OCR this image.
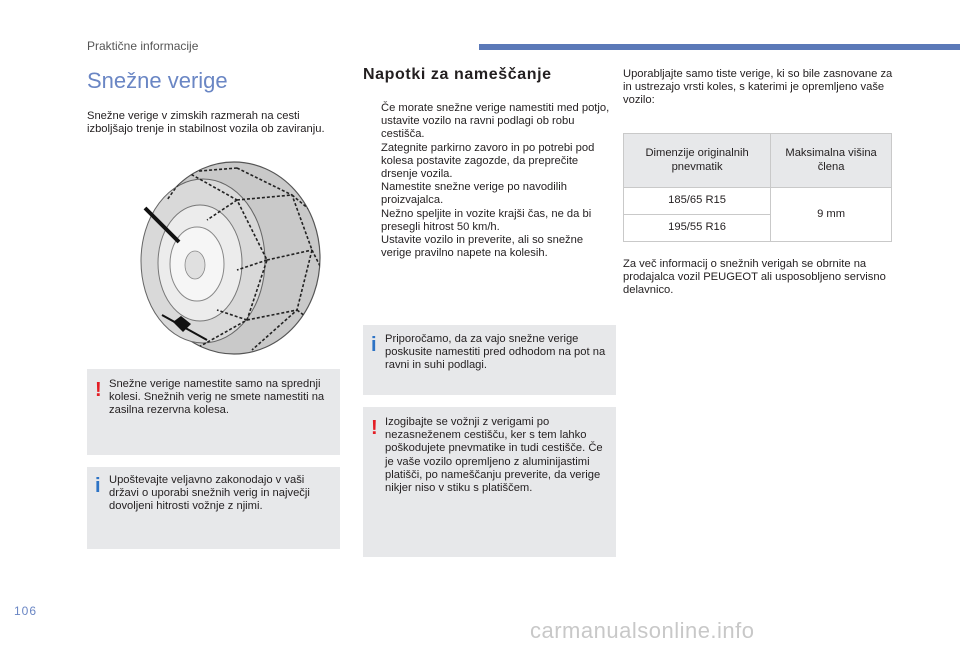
Praktične informacije
Snežne verige

Snežne verige v zimskih razmerah na cesti izboljšajo trenje in stabilnost vozila ob zaviranju.

! Snežne verige namestite samo na sprednji kolesi. Snežnih verig ne smete namestiti na zasilna rezervna kolesa.

i Upoštevajte veljavno zakonodajo v vaši državi o uporabi snežnih verig in največji dovoljeni hitrosti vožnje z njimi.

Napotki za nameščanje
Če morate snežne verige namestiti med potjo, ustavite vozilo na ravni podlagi ob robu cestišča.
Zategnite parkirno zavoro in po potrebi pod kolesa postavite zagozde, da preprečite drsenje vozila.
Namestite snežne verige po navodilih proizvajalca.
Nežno speljite in vozite krajši čas, ne da bi presegli hitrost 50 km/h.
Ustavite vozilo in preverite, ali so snežne verige pravilno napete na kolesih.
i Priporočamo, da za vajo snežne verige poskusite namestiti pred odhodom na pot na ravni in suhi podlagi.

! Izogibajte se vožnji z verigami po nezasneženem cestišču, ker s tem lahko poškodujete pnevmatike in tudi cestišče. Če je vaše vozilo opremljeno z aluminijastimi platišči, po nameščanju preverite, da verige nikjer niso v stiku s platiščem.

Uporabljajte samo tiste verige, ki so bile zasnovane za in ustrezajo vrsti koles, s katerimi je opremljeno vaše vozilo:

Dimenzije originalnih pnevmatik	Maksimalna višina člena
185/65 R15	9 mm
195/55 R16	

Za več informacij o snežnih verigah se obrnite na prodajalca vozil PEUGEOT ali usposobljeno servisno delavnico.

106
carmanualsonline.info
